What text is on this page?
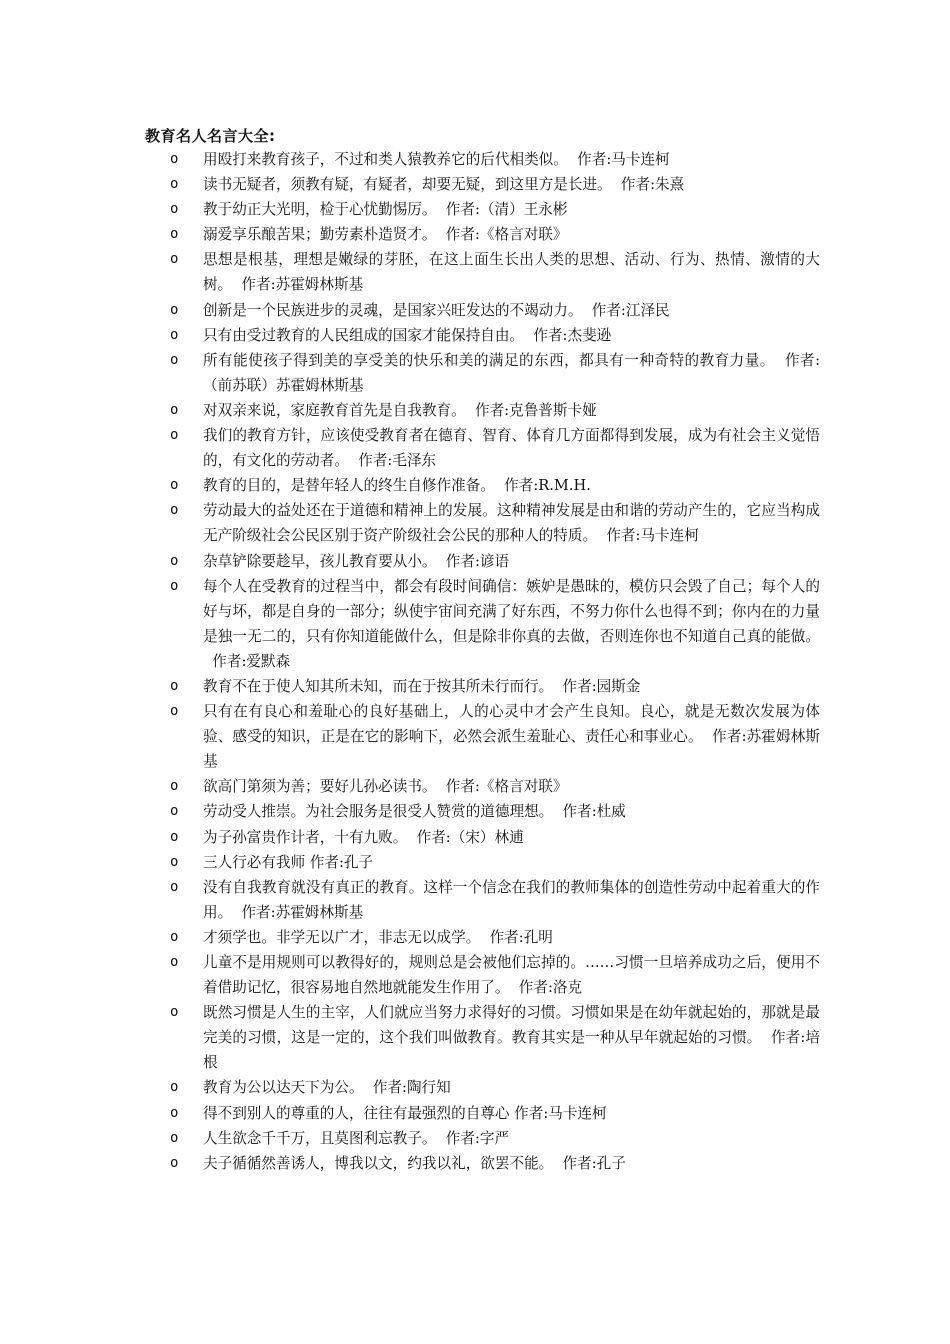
教育名人名言大全:
o 用殴打来教育孩子，不过和类人猿教养它的后代相类似。 作者:马卡连柯
o 读书无疑者，须教有疑，有疑者，却要无疑，到这里方是长进。 作者:朱熹
o 教于幼正大光明，检于心忧勤惕厉。 作者:（清）王永彬
o 溺爱享乐酿苦果；勤劳素朴造贤才。 作者:《格言对联》
o 思想是根基，理想是嫩绿的芽胚，在这上面生长出人类的思想、活动、行为、热情、激情的大树。 作者:苏霍姆林斯基
o 创新是一个民族进步的灵魂，是国家兴旺发达的不竭动力。 作者:江泽民
o 只有由受过教育的人民组成的国家才能保持自由。 作者:杰斐逊
o 所有能使孩子得到美的享受美的快乐和美的满足的东西，都具有一种奇特的教育力量。 作者:（前苏联）苏霍姆林斯基
o 对双亲来说，家庭教育首先是自我教育。 作者:克鲁普斯卡娅
o 我们的教育方针，应该使受教育者在德育、智育、体育几方面都得到发展，成为有社会主义觉悟的，有文化的劳动者。 作者:毛泽东
o 教育的目的，是替年轻人的终生自修作准备。 作者:R.M.H.
o 劳动最大的益处还在于道德和精神上的发展。这种精神发展是由和谐的劳动产生的，它应当构成无产阶级社会公民区别于资产阶级社会公民的那种人的特质。 作者:马卡连柯
o 杂草铲除要趁早，孩儿教育要从小。 作者:谚语
o 每个人在受教育的过程当中，都会有段时间确信：嫉妒是愚昧的，模仿只会毁了自己；每个人的好与坏，都是自身的一部分；纵使宇宙间充满了好东西，不努力你什么也得不到；你内在的力量是独一无二的，只有你知道能做什么，但是除非你真的去做，否则连你也不知道自己真的能做。  作者:爱默森
o 教育不在于使人知其所未知，而在于按其所未行而行。 作者:园斯金
o 只有在有良心和羞耻心的良好基础上，人的心灵中才会产生良知。良心，就是无数次发展为体验、感受的知识，正是在它的影响下，必然会派生羞耻心、责任心和事业心。 作者:苏霍姆林斯基
o 欲高门第须为善；要好儿孙必读书。 作者:《格言对联》
o 劳动受人推崇。为社会服务是很受人赞赏的道德理想。 作者:杜威
o 为子孙富贵作计者，十有九败。 作者:（宋）林逋
o 三人行必有我师 作者:孔子
o 没有自我教育就没有真正的教育。这样一个信念在我们的教师集体的创造性劳动中起着重大的作用。 作者:苏霍姆林斯基
o 才须学也。非学无以广才，非志无以成学。 作者:孔明
o 儿童不是用规则可以教得好的，规则总是会被他们忘掉的。……习惯一旦培养成功之后，便用不着借助记忆，很容易地自然地就能发生作用了。 作者:洛克
o 既然习惯是人生的主宰，人们就应当努力求得好的习惯。习惯如果是在幼年就起始的，那就是最完美的习惯，这是一定的，这个我们叫做教育。教育其实是一种从早年就起始的习惯。 作者:培根
o 教育为公以达天下为公。 作者:陶行知
o 得不到别人的尊重的人，往往有最强烈的自尊心 作者:马卡连柯
o 人生欲念千千万，且莫图利忘教子。 作者:字严
o 夫子循循然善诱人，博我以文，约我以礼，欲罢不能。 作者:孔子
